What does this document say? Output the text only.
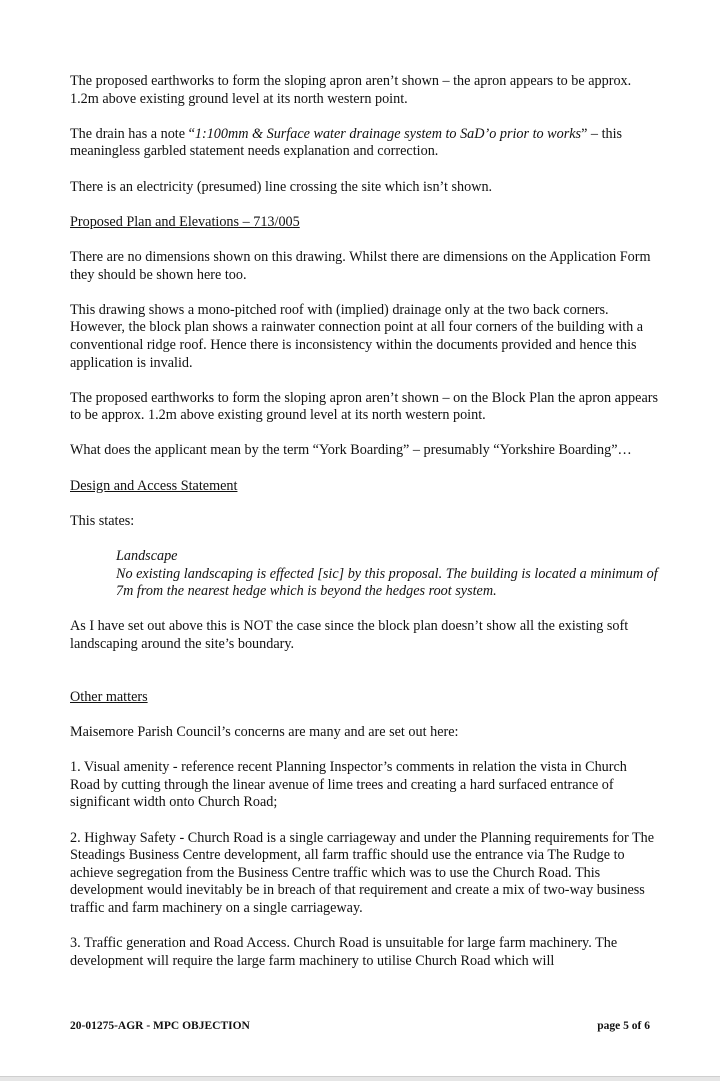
The proposed earthworks to form the sloping apron aren’t shown – the apron appears to be approx. 1.2m above existing ground level at its north western point.

The drain has a note “1:100mm & Surface water drainage system to SaD’o prior to works” – this meaningless garbled statement needs explanation and correction.

There is an electricity (presumed) line crossing the site which isn’t shown.

Proposed Plan and Elevations – 713/005

There are no dimensions shown on this drawing. Whilst there are dimensions on the Application Form they should be shown here too.

This drawing shows a mono-pitched roof with (implied) drainage only at the two back corners. However, the block plan shows a rainwater connection point at all four corners of the building with a conventional ridge roof. Hence there is inconsistency within the documents provided and hence this application is invalid.

The proposed earthworks to form the sloping apron aren’t shown – on the Block Plan the apron appears to be approx. 1.2m above existing ground level at its north western point.

What does the applicant mean by the term “York Boarding” – presumably “Yorkshire Boarding”…

Design and Access Statement

This states:

Landscape
No existing landscaping is effected [sic] by this proposal. The building is located a minimum of 7m from the nearest hedge which is beyond the hedges root system.

As I have set out above this is NOT the case since the block plan doesn’t show all the existing soft landscaping around the site’s boundary.

Other matters

Maisemore Parish Council’s concerns are many and are set out here:

1. Visual amenity - reference recent Planning Inspector’s comments in relation the vista in Church Road by cutting through the linear avenue of lime trees and creating a hard surfaced entrance of significant width onto Church Road;

2. Highway Safety - Church Road is a single carriageway and under the Planning requirements for The Steadings Business Centre development, all farm traffic should use the entrance via The Rudge to achieve segregation from the Business Centre traffic which was to use the Church Road. This development would inevitably be in breach of that requirement and create a mix of two-way business traffic and farm machinery on a single carriageway.

3. Traffic generation and Road Access. Church Road is unsuitable for large farm machinery. The development will require the large farm machinery to utilise Church Road which will

20-01275-AGR - MPC OBJECTION	page 5 of 6
